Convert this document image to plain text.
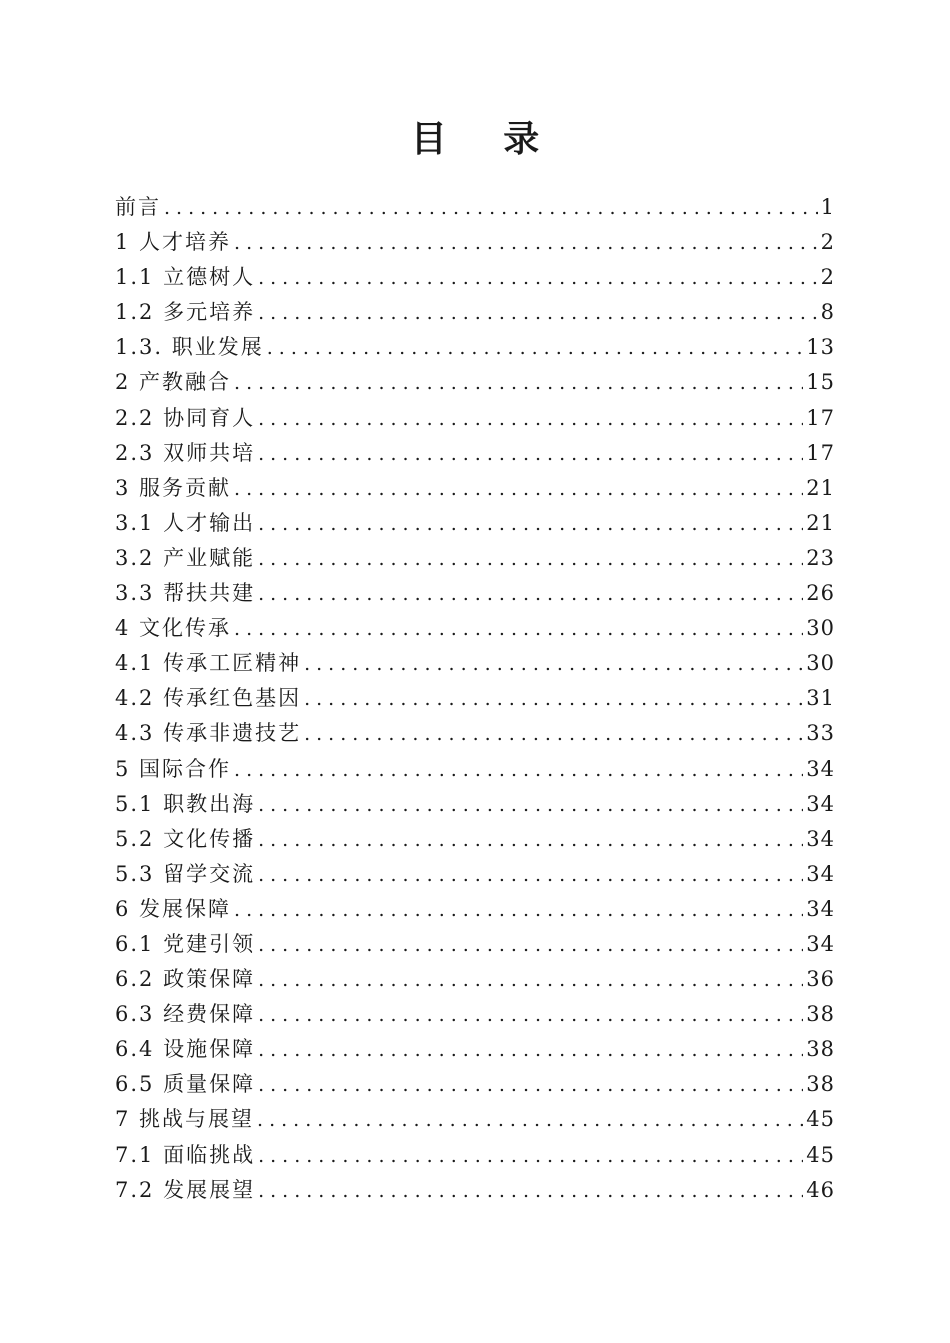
目 录
前言 .....	1
1 人才培养 .....	2
1.1 立德树人 .....	2
1.2 多元培养 .....	8
1.3. 职业发展 .....	13
2 产教融合 .....	15
2.2 协同育人 .....	17
2.3 双师共培 .....	17
3 服务贡献 .....	21
3.1 人才输出 .....	21
3.2 产业赋能 .....	23
3.3 帮扶共建 .....	26
4 文化传承 .....	30
4.1 传承工匠精神 .....	30
4.2 传承红色基因 .....	31
4.3 传承非遗技艺 .....	33
5 国际合作 .....	34
5.1 职教出海 .....	34
5.2 文化传播 .....	34
5.3 留学交流 .....	34
6 发展保障 .....	34
6.1 党建引领 .....	34
6.2 政策保障 .....	36
6.3 经费保障 .....	38
6.4 设施保障 .....	38
6.5 质量保障 .....	38
7 挑战与展望 .....	45
7.1 面临挑战 .....	45
7.2 发展展望 .....	46
